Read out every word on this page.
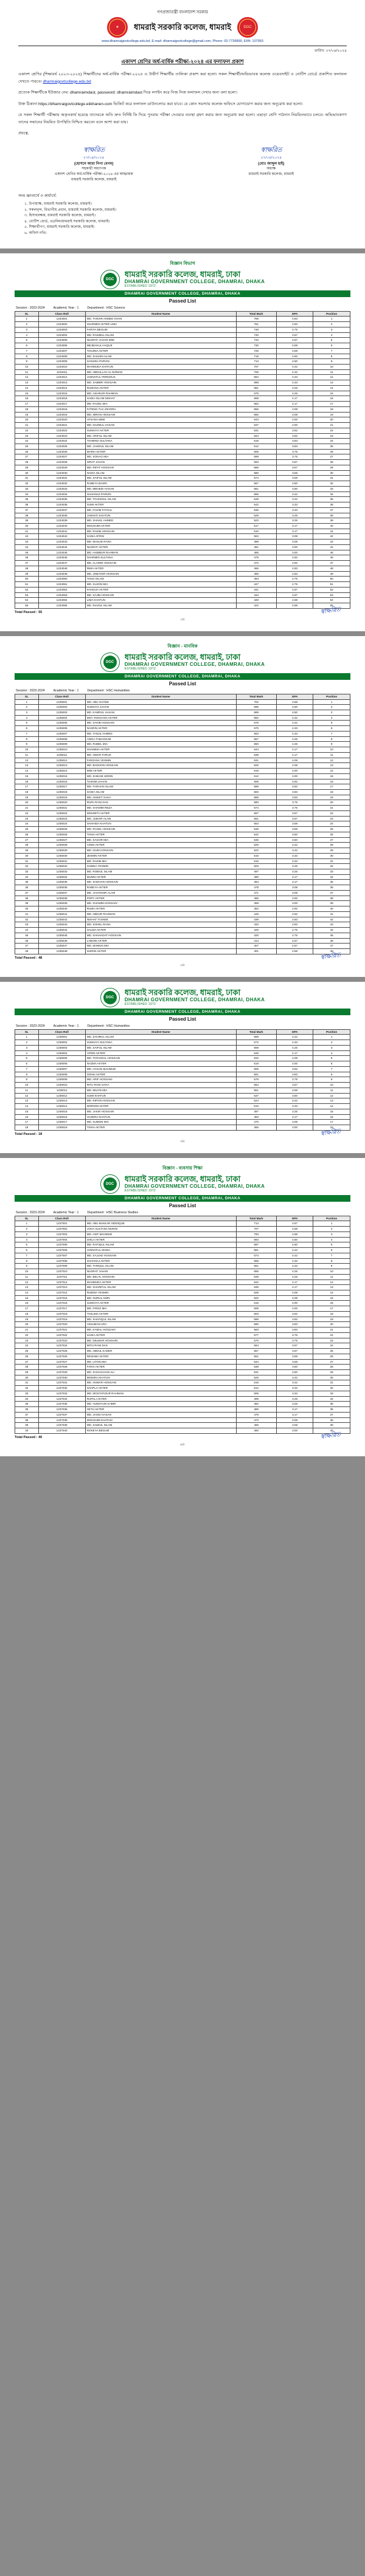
গণপ্রজাতন্ত্রী বাংলাদেশ সরকার
★ ধামরাই সরকারি কলেজ, ধামরাই	DGC
www.dhamraigovtcollege.edu.bd, E-mail: dhamraigovtcollege@gmail.com, Phone: 02-7736890, EIIN: 107953
তারিখ: ২৭/০৪/২০২৪
একাদশ শ্রেণির অর্ধ-বার্ষিক পরীক্ষা-২০২৪ এর ফলাফল প্রকাশ
একাদশ শ্রেণির (শিক্ষাবর্ষ ২০২৩-২০২৪) শিক্ষার্থীদের অর্ধ-বার্ষিক পরীক্ষা-২০২৪ এ উত্তীর্ণ শিক্ষার্থীর তালিকা প্রকাশ করা হলো। সকল শিক্ষার্থী/অভিভাবক কলেজ ওয়েবসাইট ও নোটিশ বোর্ডে প্রকাশিত ফলাফল দেখতে পারবে। dhamraigovtcollege.edu.bd
প্রত্যেক শিক্ষার্থীকে ইউজার নেম: dhamraimdast, password: dhamraimdast দিয়ে লগইন করে নিজ নিজ ফলাফল দেখার জন্য বলা হলো।
উক্ত ঠিকানা https://dhamraigovtcollege.eiikhanen.com ভিজিট করে ফলাফল ডাউনলোড করা যাবে। যে কোন সমস্যায় কলেজ অফিসে যোগাযোগ করার জন্য অনুরোধ করা হলো।
যে সকল শিক্ষার্থী পরীক্ষায় অকৃতকার্য হয়েছে তাদেরকে অতি দ্রুত নির্দিষ্ট ফি দিয়ে পুনরায় পরীক্ষা দেওয়ার ব্যবস্থা গ্রহণ করার জন্য অনুরোধ করা হলো। এছাড়া শ্রেণি পাঠদান নিয়মিতভাবে চলবে। অভিভাবকগণ তাদের সন্তানের নিয়মিত উপস্থিতি নিশ্চিত করবেন বলে আশা করা যায়।
প্রযত্নে,
স্বাক্ষরিত
২৭/০৪/২০২৪
(হোসনে আরা নিপা বেগম)
সহকারী অধ্যাপক
একাদশ শ্রেণির অর্ধ-বার্ষিক পরীক্ষা-২০২৪ এর আহ্বায়ক
ধামরাই সরকারি কলেজ, ধামরাই
স্বাক্ষরিত
২৭/০৪/২০২৪
(মোঃ আব্দুল হাই)
অধ্যক্ষ
ধামরাই সরকারি কলেজ, ধামরাই
সদয় জ্ঞাতার্থে ও কার্যার্থে:
১. উপাধ্যক্ষ, ধামরাই সরকারি কলেজ, ধামরাই।
২. সকলবৃন্দ, বিভাগীয় প্রধান, ধামরাই সরকারি কলেজ, ধামরাই।
৩. হিসাবরক্ষক, ধামরাই সরকারি কলেজ, ধামরাই।
৪. নোটিশ বোর্ড, এডমিন/ধামরাই সরকারি কলেজ, ধামরাই।
৫. শিক্ষার্থীগণ, ধামরাই সরকারি কলেজ, ধামরাই।
৬. অফিস নথি।
বিজ্ঞান বিভাগ
DGC
ধামরাই সরকারি কলেজ, ধামরাই, ঢাকা
DHAMRAI GOVERNMENT COLLEGE, DHAMRAI, DHAKA
ESTABLISHED 1972
DHAMRAI GOVERNMENT COLLEGE, DHAMRAI, DHAKA
Passed List
Session : 2023-2024	Academic Year : 1	Department : HSC Science
SL	Class Roll	Student Name	Total Mark	GPA	Position
1	1234001	MD. TANVIR AHMED KHAN	769	4.83	1
2	1234002	SHARMIN AKTER LIMA	761	4.83	2
3	1234003	FARIYA BEGUM	748	4.75	3
4	1234004	MD. RAKIBUL ISLAM	740	4.67	4
5	1234005	NUSRAT JAHAN MIM	733	4.67	5
6	1234006	MEJBAHUL HAQUE	730	4.58	6
7	1234007	TANJINA AKTER	726	4.58	7
8	1234008	MD. SHAHIN ALAM	719	4.50	8
9	1234009	SANJIDA PARVIN	713	4.50	9
10	1234010	MAHMUDA KHATUN	707	4.42	10
11	1234011	MD. ABDULLAH AL NOMAN	700	4.42	11
12	1234012	JANNATUL FERDOUS	694	4.33	12
13	1234013	MD. SABBIR HOSSAIN	688	4.33	13
14	1234014	RUMANA AKTER	681	4.25	14
15	1234015	MD. ASHIKUR RAHMAN	675	4.25	15
16	1234016	SADIA ISLAM NISHAT	669	4.17	16
17	1234017	MD. RASEL MIA	662	4.17	17
18	1234018	FATEMA TUJ JOHORA	656	4.08	18
19	1234019	MD. IMRAN HOSSAIN	650	4.08	19
20	1234020	AFSANA MIMI	643	4.00	20
21	1234021	MD. NAZMUL HASAN	637	4.00	21
22	1234022	SUMAIYA AKTER	631	3.92	22
23	1234023	MD. ARIFUL ISLAM	624	3.92	23
24	1234024	TAHMINA SULTANA	618	3.83	24
25	1234025	MD. JAHIDUL ISLAM	612	3.83	25
26	1234026	MARIA AKTER	605	3.75	26
27	1234027	MD. SOHAG MIA	599	3.75	27
28	1234028	ISRAT JAHAN	593	3.67	28
29	1234029	MD. RIFAT HOSSAIN	586	3.67	29
30	1234030	NADIA ISLAM	580	3.58	30
31	1234031	MD. SAIFUL ISLAM	574	3.58	31
32	1234032	RABEYA BASRI	567	3.50	32
33	1234033	MD. MEHEDI HASAN	561	3.50	33
34	1234034	SHAHNAZ PARVIN	555	3.42	34
35	1234035	MD. TOUHIDUL ISLAM	548	3.42	35
36	1234036	SUMI AKTER	542	3.33	36
37	1234037	MD. FAHIM FAYSAL	536	3.33	37
38	1234038	JANNATI KHATUN	529	3.25	38
39	1234039	MD. SHAKIL AHMED	523	3.25	39
40	1234040	MOUSUMI AKTER	517	3.17	40
41	1234041	MD. RAKIB HOSSAIN	510	3.17	41
42	1234042	SADIA AFRIN	504	3.08	42
43	1234043	MD. MASUD RANA	498	3.08	43
44	1234044	NUSRAT AKTER	491	3.00	44
45	1234045	MD. HABIBUR RAHMAN	485	3.00	45
46	1234046	SHARMIN SULTANA	479	2.92	46
47	1234047	MD. ALAMIN HOSSAIN	472	2.92	47
48	1234048	RIMA AKTER	466	2.83	48
49	1234049	MD. JOBAYER HOSSAIN	460	2.83	49
50	1234050	TANIA ISLAM	453	2.75	50
51	1234051	MD. SUJON MIA	447	2.75	51
52	1234052	KHADIJA AKTER	441	2.67	52
53	1234053	MD. SAJIB HOSSAIN	434	2.67	53
54	1234054	LIMA KHATUN	428	2.58	54
55	1234055	MD. RIAZUL ISLAM	422	2.58	55
Total Passed : 55
১/৫
স্বাক্ষরিত
বিজ্ঞান - মানবিক
DGC
ধামরাই সরকারি কলেজ, ধামরাই, ঢাকা
DHAMRAI GOVERNMENT COLLEGE, DHAMRAI, DHAKA
ESTABLISHED 1972
DHAMRAI GOVERNMENT COLLEGE, DHAMRAI, DHAKA
Passed List
Session : 2023-2024	Academic Year : 1	Department : HSC Humanities
SL	Class Roll	Student Name	Total Mark	GPA	Position
1	1235001	MD. ABU SAYEM	702	4.58	1
2	1235002	SUMAIYA JAHAN	695	4.50	2
3	1235003	MD. KAMRUL HASAN	689	4.50	3
4	1235004	MST. ROKSANA AKTER	682	4.42	4
5	1235005	MD. SAKIB HOSSAIN	676	4.42	5
6	1235006	NASRIN AKTER	670	4.33	6
7	1235007	MD. TANJIL AHMED	663	4.33	7
8	1235008	ANIKA TABASSUM	657	4.25	8
9	1235009	MD. RUBEL MIA	650	4.25	9
10	1235010	SHAMIMA AKTER	644	4.17	10
11	1235011	MD. OMAR FARUK	638	4.17	11
12	1235012	FARZANA YESMIN	631	4.08	12
13	1235013	MD. BADHON HOSSAIN	625	4.08	13
14	1235014	MIM AKTER	618	4.00	14
15	1235015	MD. SHIHAB UDDIN	612	4.00	15
16	1235016	TASNIM JAHAN	606	3.92	16
17	1235017	MD. FARHAN ISLAM	599	3.92	17
18	1235018	SADIA ISLAM	593	3.83	18
19	1235019	MD. ANIKET SAHA	586	3.83	19
20	1235020	RUPA RANI DAS	580	3.75	20
21	1235021	MD. SHAMIM REZA	574	3.75	21
22	1235022	MOUMITA AKTER	567	3.67	22
23	1235023	MD. JUBAIR ALAM	561	3.67	23
24	1235024	SHAHIDA KHATUN	554	3.58	24
25	1235025	MD. RASEL HOSSAIN	548	3.58	25
26	1235026	TANIA AKTER	542	3.50	26
27	1235027	MD. SAGOR MIA	535	3.50	27
28	1235028	ASMA AKTER	529	3.42	28
29	1235029	MD. NAIM HOSSAIN	522	3.42	29
30	1235030	JESMIN AKTER	516	3.33	30
31	1235031	MD. RAKIB MIA	510	3.33	31
32	1235032	SABINA YESMIN	503	3.25	32
33	1235033	MD. ROBIUL ISLAM	497	3.25	33
34	1235034	MUNNI AKTER	490	3.17	34
35	1235035	MD. SHOHAN HOSSAIN	484	3.17	35
36	1235036	RABEYA AKTER	478	3.08	36
37	1235037	MD. JAHANGIR ALAM	471	3.08	37
38	1235038	POPY AKTER	465	3.00	38
39	1235039	MD. SHAMIM HOSSAIN	458	3.00	39
40	1235040	RUMA AKTER	452	2.92	40
41	1235041	MD. ABDUR RAHMAN	446	2.92	41
42	1235042	NISHAT TASNIM	439	2.83	42
43	1235043	MD. SOHEL RANA	433	2.83	43
44	1235044	SALMA AKTER	426	2.75	44
45	1235045	MD. SHAHADAT HOSSAIN	420	2.75	45
46	1235046	LABONI AKTER	414	2.67	46
47	1235047	MD. MAMUN MIA	407	2.67	47
48	1235048	SHIRIN AKTER	401	2.58	48
Total Passed : 48
২/৫
স্বাক্ষরিত
DGC
ধামরাই সরকারি কলেজ, ধামরাই, ঢাকা
DHAMRAI GOVERNMENT COLLEGE, DHAMRAI, DHAKA
ESTABLISHED 1972
DHAMRAI GOVERNMENT COLLEGE, DHAMRAI, DHAKA
Passed List
Session : 2023-2024	Academic Year : 1	Department : HSC Humanities
SL	Class Roll	Student Name	Total Mark	GPA	Position
1	1236001	MD. ZAHIRUL ISLAM	688	4.42	1
2	1236002	SUMAIYA SULTANA	672	4.33	2
3	1236003	MD. SAIFUL ISLAM	659	4.25	3
4	1236004	AFRIN AKTER	645	4.17	4
5	1236005	MD. TOFAZZAL HOSSAIN	632	4.08	5
6	1236006	NAZMA AKTER	618	4.00	6
7	1236007	MD. HASAN MAHMUD	605	3.92	7
8	1236008	SONIA AKTER	591	3.83	8
9	1236009	MD. ARIF HOSSAIN	578	3.75	9
10	1236010	RITU RANI SAHA	564	3.67	10
11	1236011	MD. MILON MIA	551	3.58	11
12	1236012	SUMI KHATUN	537	3.50	12
13	1236013	MD. RIPON HOSSAIN	524	3.42	13
14	1236014	MORIOM AKTER	510	3.33	14
15	1236015	MD. JAKIR HOSSAIN	497	3.25	15
16	1236016	HAZERA KHATUN	483	3.17	16
17	1236017	MD. SUMON MIA	470	3.08	17
18	1236018	TISHA AKTER	456	3.00	18
Total Passed : 18
৩/৫
স্বাক্ষরিত
বিজ্ঞান - ব্যবসায় শিক্ষা
DGC
ধামরাই সরকারি কলেজ, ধামরাই, ঢাকা
DHAMRAI GOVERNMENT COLLEGE, DHAMRAI, DHAKA
ESTABLISHED 1972
DHAMRAI GOVERNMENT COLLEGE, DHAMRAI, DHAKA
Passed List
Session : 2023-2024	Academic Year : 1	Department : HSC Business Studies
SL	Class Roll	Student Name	Total Mark	GPA	Position
1	1237001	MD. ABU BAKKAR SIDDIQUE	714	4.67	1
2	1237002	JAKIA SULTANA MUNNI	707	4.58	2
3	1237003	MD. ASIF MAHMUD	700	4.58	3
4	1237004	SHILA AKTER	694	4.50	4
5	1237005	MD. RAFIQUL ISLAM	687	4.50	5
6	1237006	JANNATUL MAWA	681	4.42	6
7	1237007	MD. SAJJAD HOSSAIN	674	4.42	7
8	1237008	SHAHNAJ AKTER	668	4.33	8
9	1237009	MD. TARIQUL ISLAM	661	4.33	9
10	1237010	NUSRAT JAHAN	655	4.25	10
11	1237011	MD. BELAL HOSSAIN	648	4.25	11
12	1237012	MAHMUDA AKTER	642	4.17	12
13	1237013	MD. SHARIFUL ISLAM	635	4.17	13
14	1237014	RUBINA YESMIN	629	4.08	14
15	1237015	MD. NURUL AMIN	622	4.08	15
16	1237016	SUMAIYA AKTER	616	4.00	16
17	1237017	MD. FIROZ MIA	609	4.00	17
18	1237018	TASLIMA AKTER	603	3.92	18
19	1237019	MD. SHAFIQUL ISLAM	596	3.92	19
20	1237020	ANJUMAN ARA	590	3.83	20
21	1237021	MD. KAMAL HOSSAIN	583	3.83	21
22	1237022	SADIA AKTER	577	3.75	22
23	1237023	MD. DELWAR HOSSAIN	570	3.75	23
24	1237024	MITU RANI DAS	564	3.67	24
25	1237025	MD. ABDUL KADER	557	3.67	25
26	1237026	RESHMA AKTER	551	3.58	26
27	1237027	MD. LITON MIA	544	3.58	27
28	1237028	FARIA AKTER	538	3.50	28
29	1237029	MD. SHAHJAHAN ALI	531	3.50	29
30	1237030	MONIRA KHATUN	525	3.42	30
31	1237031	MD. ANWAR HOSSAIN	518	3.42	31
32	1237032	SHAPLA AKTER	512	3.33	32
33	1237033	MD. MOSTAFIZUR RAHMAN	505	3.33	33
34	1237034	RUPALI AKTER	499	3.25	34
35	1237035	MD. HUMAYUN KABIR	492	3.25	35
36	1237036	SETU AKTER	486	3.17	36
37	1237037	MD. JAHID HASAN	479	3.17	37
38	1237038	MOUSUMI KHATUN	473	3.08	38
39	1237039	MD. SAMIUL ISLAM	466	3.08	39
40	1237040	ROKEYA BEGUM	460	3.00	40
Total Passed : 40
৪/৫
স্বাক্ষরিত
